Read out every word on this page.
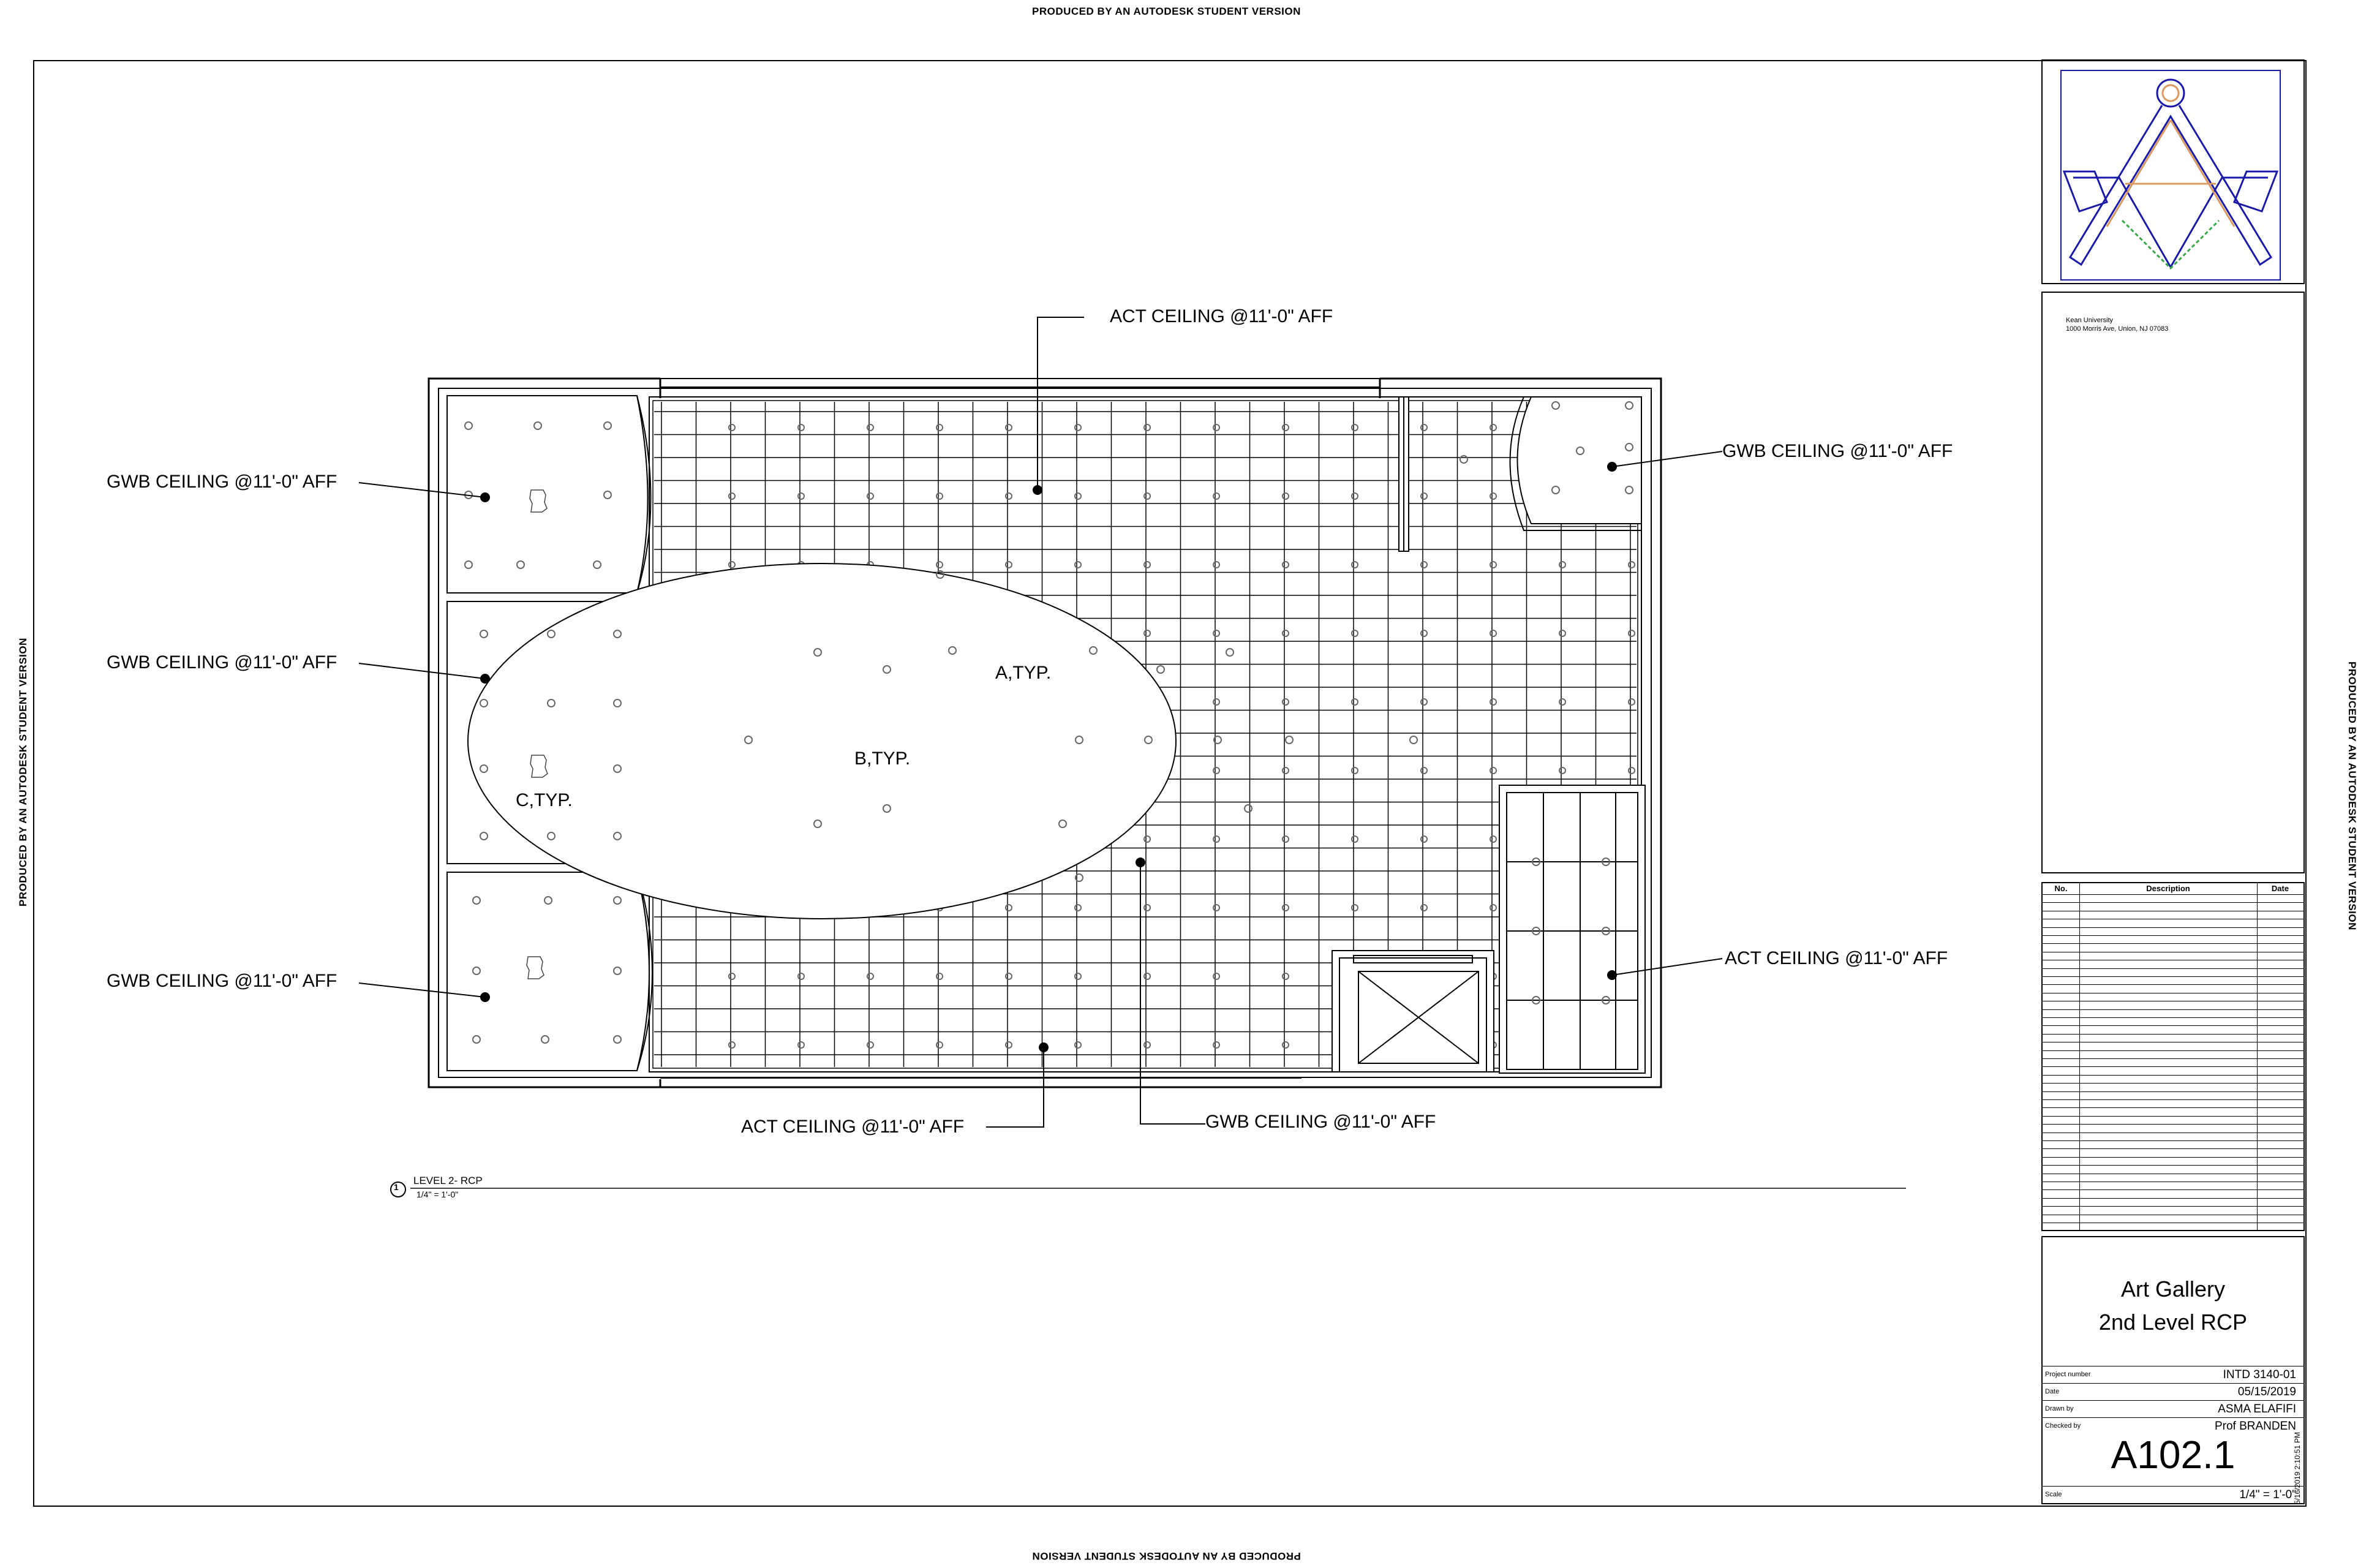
PRODUCED BY AN AUTODESK STUDENT VERSION
PRODUCED BY AN AUTODESK STUDENT VERSION
PRODUCED BY AN AUTODESK STUDENT VERSION	PRODUCED BY AN AUTODESK STUDENT VERSION
GWB CEILING @11'-0" AFF
GWB CEILING @11'-0" AFF
GWB CEILING @11'-0" AFF
ACT CEILING @11'-0" AFF
GWB CEILING @11'-0" AFF
ACT CEILING @11'-0" AFF
ACT CEILING @11'-0" AFF	GWB CEILING @11'-0" AFF
A,TYP.
B,TYP.
C,TYP.
1
LEVEL 2- RCP
1/4" = 1'-0"
Kean University
1000 Morris Ave, Union, NJ 07083
No.	Description	Date
Art Gallery
2nd Level RCP
Project number	INTD 3140-01
Date	05/15/2019
Drawn by	ASMA ELAFIFI
Checked by	Prof BRANDEN
A102.1
Scale	1/4" = 1'-0"
5/16/2019 2:10:51 PM
